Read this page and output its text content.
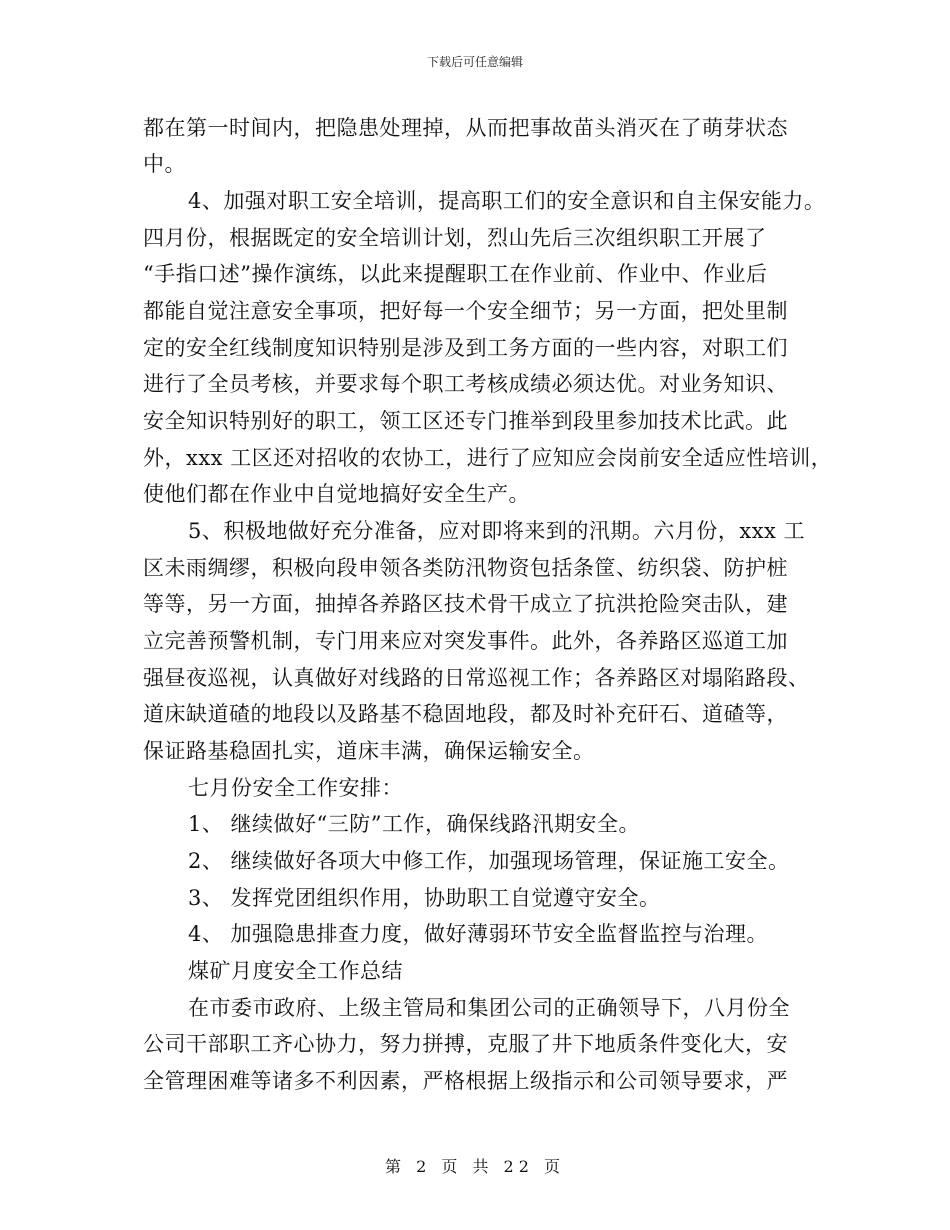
下载后可任意编辑
都在第一时间内，把隐患处理掉，从而把事故苗头消灭在了萌芽状态
中。
4、加强对职工安全培训，提高职工们的安全意识和自主保安能力。
四月份，根据既定的安全培训计划，烈山先后三次组织职工开展了
“手指口述”操作演练，以此来提醒职工在作业前、作业中、作业后
都能自觉注意安全事项，把好每一个安全细节；另一方面，把处里制
定的安全红线制度知识特别是涉及到工务方面的一些内容，对职工们
进行了全员考核，并要求每个职工考核成绩必须达优。对业务知识、
安全知识特别好的职工，领工区还专门推举到段里参加技术比武。此
外，xxx 工区还对招收的农协工，进行了应知应会岗前安全适应性培训，
使他们都在作业中自觉地搞好安全生产。
5、积极地做好充分准备，应对即将来到的汛期。六月份，xxx 工
区未雨绸缪，积极向段申领各类防汛物资包括条筐、纺织袋、防护桩
等等，另一方面，抽掉各养路区技术骨干成立了抗洪抢险突击队，建
立完善预警机制，专门用来应对突发事件。此外，各养路区巡道工加
强昼夜巡视，认真做好对线路的日常巡视工作；各养路区对塌陷路段、
道床缺道碴的地段以及路基不稳固地段，都及时补充矸石、道碴等，
保证路基稳固扎实，道床丰满，确保运输安全。
七月份安全工作安排：
1、 继续做好“三防”工作，确保线路汛期安全。
2、 继续做好各项大中修工作，加强现场管理，保证施工安全。
3、 发挥党团组织作用，协助职工自觉遵守安全。
4、 加强隐患排查力度，做好薄弱环节安全监督监控与治理。
煤矿月度安全工作总结
在市委市政府、上级主管局和集团公司的正确领导下，八月份全
公司干部职工齐心协力，努力拼搏，克服了井下地质条件变化大，安
全管理困难等诸多不利因素，严格根据上级指示和公司领导要求，严
第 2 页 共 22 页
